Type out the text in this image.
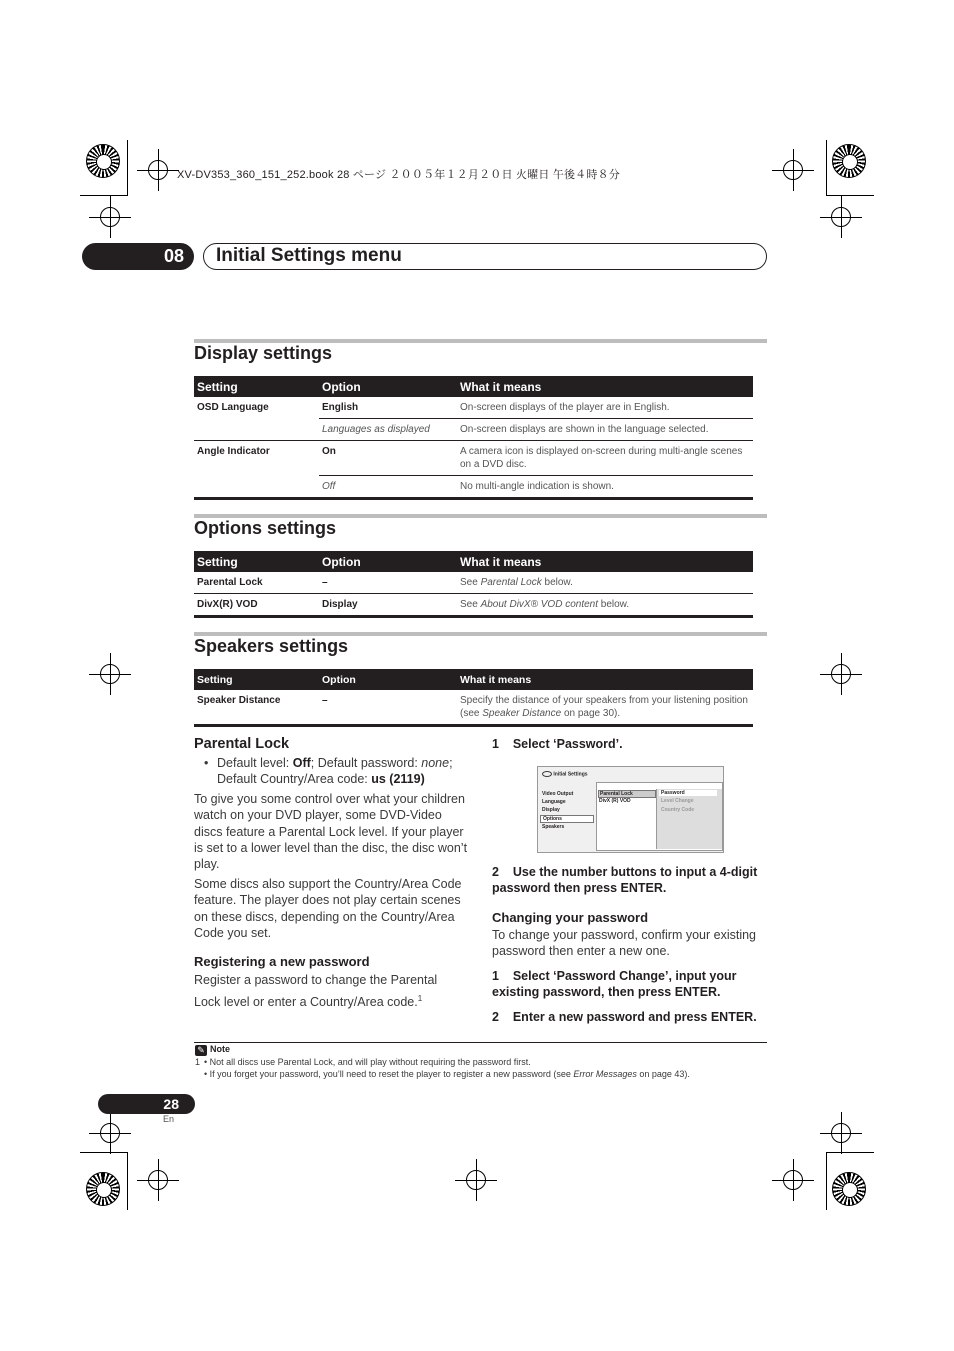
XV-DV353_360_151_252.book 28 ページ ２００５年１２月２０日 火曜日 午後４時８分
08	Initial Settings menu
Display settings
Setting	Option	What it means
OSD Language	English	On-screen displays of the player are in English.
	Languages as displayed	On-screen displays are shown in the language selected.
Angle Indicator	On	A camera icon is displayed on-screen during multi-angle scenes on a DVD disc.
	Off	No multi-angle indication is shown.
Options settings
Setting	Option	What it means
Parental Lock	–	See Parental Lock below.
DivX(R) VOD	Display	See About DivX® VOD content below.
Speakers settings
Setting	Option	What it means
Speaker Distance	–	Specify the distance of your speakers from your listening position (see Speaker Distance on page 30).
Parental Lock
• Default level: Off; Default password: none;
Default Country/Area code: us (2119)
To give you some control over what your children watch on your DVD player, some DVD-Video discs feature a Parental Lock level. If your player is set to a lower level than the disc, the disc won’t play.
Some discs also support the Country/Area Code feature. The player does not play certain scenes on these discs, depending on the Country/Area Code you set.
Registering a new password
Register a password to change the Parental Lock level or enter a Country/Area code.$^1$
1    Select ‘Password’.
Initial Settings
Video Output
Language
Display
Options
Speakers
Parental Lock
DivX (R) VOD
Password
Level Change
Country Code
2    Use the number buttons to input a 4-digit password then press ENTER.
Changing your password
To change your password, confirm your existing password then enter a new one.
1    Select ‘Password Change’, input your existing password, then press ENTER.
2    Enter a new password and press ENTER.
✎ Note
1 • Not all discs use Parental Lock, and will play without requiring the password first.
• If you forget your password, you’ll need to reset the player to register a new password (see Error Messages on page 43).
28
En
